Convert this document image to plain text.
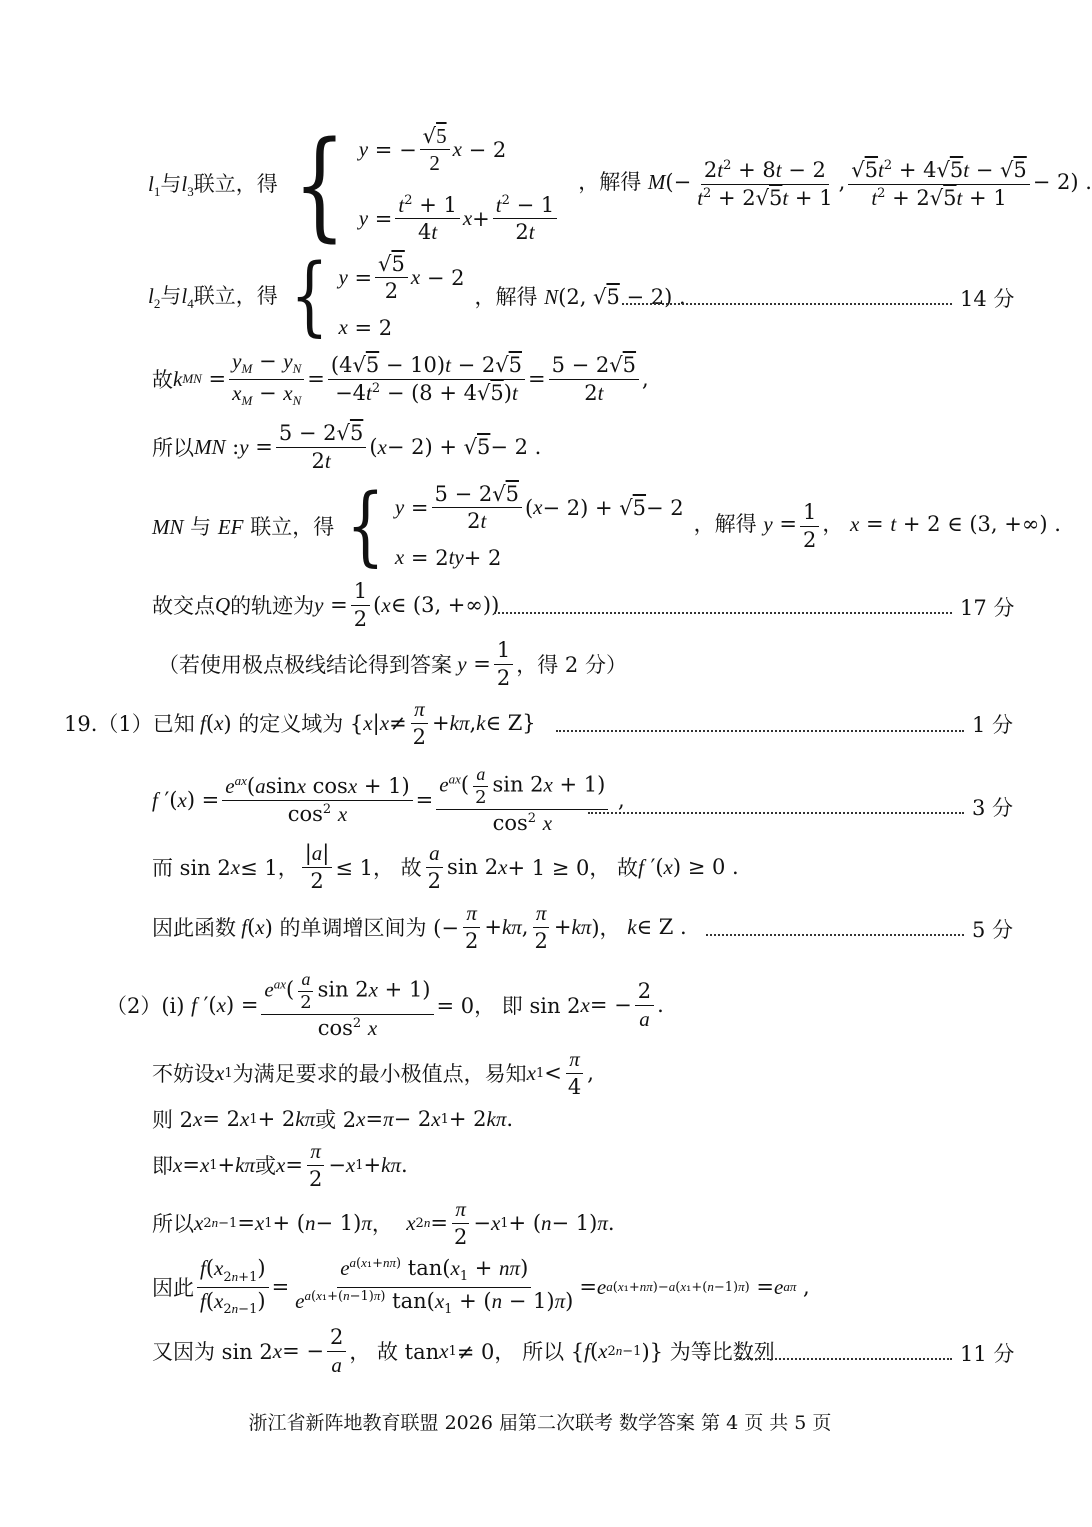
$l_1$与$l_3$联立，得 { y = − $\frac{√5}{2}$ x − 2
$y = \frac{t^2 + 1}{4t}$ $x + \frac{t^2 - 1}{2t}$
，解得 $M(- \frac{2t^2 + 8t - 2}{t^2 + 2√5t + 1}$ , $\frac{√5t^2 + 4√5t - √5}{t^2 + 2√5t + 1} - 2$) .
$l_2$与$l_4$联立，得 { $y = \frac{√5}{2}$ x − 2
x = 2
，解得 N(2, √5 − 2) .	14 分
故 k MN = $\frac{y_M - y_N}{x_M - x_N} = \frac{(4√5 - 10)t - 2√5}{-4t^2 - (8 + 4√5)t} = \frac{5 - 2√5}{2t}$ ,
所以 MN : $y = \frac{5 - 2√5}{2t}$ ( x − 2) + √ 5 − 2 .
MN 与 EF 联立，得 { $y = \frac{5 - 2√5}{2t}$ ( x − 2) + √ 5 − 2
x = 2 ty + 2
，解得 $y = \frac{1}{2}$ ， x = t + 2 ∈ (3, +∞) .
故交点 Q 的轨迹为 $y = \frac{1}{2}$ ( x ∈ (3, +∞))	17 分
（若使用极点极线结论得到答案 $y = \frac{1}{2}$ ，得 2 分）
19.（1）已知 f ( x ) 的定义域为 { x | $x \ne \frac{\pi}{2} + k\pi$ , k ∈ Z}	1 分
f ′( x ) = $\frac{e^{ax}(asinx \cos x + 1)}{\cos^2 x} = \frac{e^{ax}( \frac{a}{2} \sin 2x + 1)}{\cos^2 x}$ ,	3 分
而 sin 2 x ≤ 1， $\frac{|a|}{2} \le 1$， 故 $\frac{a}{2}$ sin 2 x + 1 ≥ 0， 故 f ′( x ) ≥ 0 .
因此函数 f ( x ) 的单调增区间为 (− $\frac{\pi}{2} + k\pi$ , $\frac{\pi}{2} + k\pi$ )， k ∈ Z .	5 分
（2）(i) f ′( x ) = $\frac{e^{ax}( \frac{a}{2} \sin 2x + 1)}{\cos^2 x} = 0$， 即 sin 2 x = − $\frac{2}{a}$ .
不妨设 x 1 为满足要求的最小极值点，易知 x $1 < \frac{\pi}{4}$ ,
则 2 x = 2 x 1 + 2 kπ 或 2 x = π − 2 x 1 + 2 kπ .
即 x = x 1 + kπ 或 $x = \frac{\pi}{2} - x$ 1 + kπ .
所以 x 2n−1 = x 1 + ( n − 1) π ， x $2n = \frac{\pi}{2} - x$ 1 + ( n − 1) π .
因此 $\frac{f(x_{2n+1})}{f(x_{2n-1})} = \frac{e^{a(x_1+n\pi)} \tan(x_1 + n\pi)}{e^{a(x_1+(n-1)\pi)} \tan(x_1 + (n - 1)\pi)} = e$ a(x₁+nπ)−a(x₁+(n−1)π) = e aπ ,
又因为 sin 2 x = − $\frac{2}{a}$ ， 故 tan x 1 ≠ 0， 所以 { f ( x 2n−1 )} 为等比数列	11 分
浙江省新阵地教育联盟 2026 届第二次联考 数学答案 第 4 页 共 5 页
l₁与l₃联立，得 y = −(√5/2)x − 2 y = ((t²+1)/(4t))x + (t²−1)/(2t) ，解得 M(−(2t²+8t−2)/(t²+2√5t+1), (√5t²+4√5t−√5)/(t²+2√5t+1) − 2). l₂与l₄联立，得 y = (√5/2)x − 2 x = 2 ，解得 N(2, √5 − 2). 故 k_MN = (y_M − y_N)/(x_M − x_N) = ((4√5−10)t − 2√5)/(−4t² − (8+4√5)t) = (5−2√5)/(2t) , 所以 MN : y = ((5−2√5)/(2t))(x − 2) + √5 − 2 . MN 与 EF 联立，得 y = ((5−2√5)/(2t))(x − 2) + √5 − 2 x = 2ty + 2 ，解得 y = 1/2， x = t + 2 ∈ (3, +∞). 故交点 Q 的轨迹为 y = 1/2 (x ∈ (3, +∞)) （若使用极点极线结论得到答案 y = 1/2，得 2 分） 19.（1）已知 f(x) 的定义域为 {x | x ≠ π/2 + kπ, k ∈ Z} f′(x) = e^{ax}(a sin x cos x + 1)/cos²x = e^{ax}((a/2) sin 2x + 1)/cos²x , 而 sin 2x ≤ 1， |a|/2 ≤ 1， 故 (a/2) sin 2x + 1 ≥ 0， 故 f′(x) ≥ 0. 因此函数 f(x) 的单调增区间为 (−π/2 + kπ, π/2 + kπ)， k ∈ Z . （2）(i) f′(x) = e^{ax}((a/2) sin 2x + 1)/cos²x = 0， 即 sin 2x = −2/a. 不妨设 x₁ 为满足要求的最小极值点，易知 x₁ < π/4 , 则 2x = 2x₁ + 2kπ 或 2x = π − 2x₁ + 2kπ . 即 x = x₁ + kπ 或 x = π/2 − x₁ + kπ . 所以 x₂ₙ₋₁ = x₁ + (n−1)π， x₂ₙ = π/2 − x₁ + (n−1)π . 因此 f(x₂ₙ₊₁)/f(x₂ₙ₋₁) = e^{a(x₁+nπ)} tan(x₁+nπ) / (e^{a(x₁+(n−1)π)} tan(x₁+(n−1)π)) = e^{a(x₁+nπ)−a(x₁+(n−1)π)} = e^{aπ} , 又因为 sin 2x = −2/a， 故 tan x₁ ≠ 0， 所以 {f(x₂ₙ₋₁)} 为等比数列
